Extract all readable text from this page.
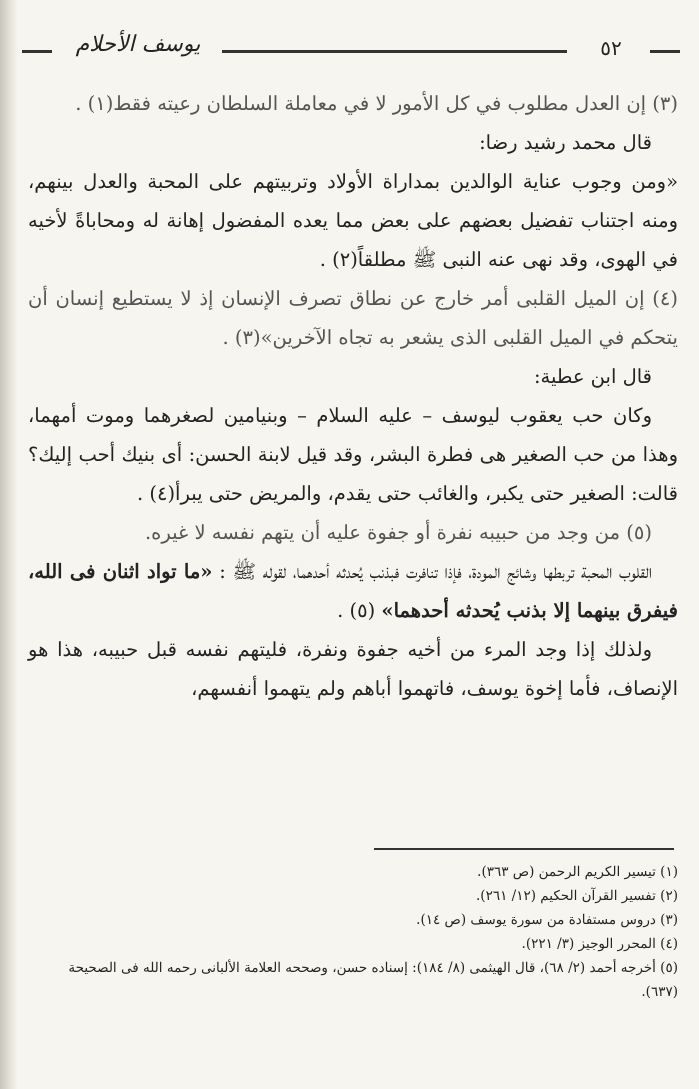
يوسف الأحلام	٥٢

(٣) إن العدل مطلوب في كل الأمور لا في معاملة السلطان رعيته فقط(١) .

قال محمد رشيد رضا:

«ومن وجوب عناية الوالدين بمداراة الأولاد وتربيتهم على المحبة والعدل بينهم، ومنه اجتناب تفضيل بعضهم على بعض مما يعده المفضول إهانة له ومحاباةً لأخيه في الهوى، وقد نهى عنه النبى ﷺ مطلقاً(٢) .

(٤) إن الميل القلبى أمر خارج عن نطاق تصرف الإنسان إذ لا يستطيع إنسان أن يتحكم في الميل القلبى الذى يشعر به تجاه الآخرين»(٣) .

قال ابن عطية:

وكان حب يعقوب ليوسف – عليه السلام – وبنيامين لصغرهما وموت أمهما، وهذا من حب الصغير هى فطرة البشر، وقد قيل لابنة الحسن: أى بنيك أحب إليك؟ قالت: الصغير حتى يكبر، والغائب حتى يقدم، والمريض حتى يبرأ(٤) .

(٥) من وجد من حبيبه نفرة أو جفوة عليه أن يتهم نفسه لا غيره.

القلوب المحبة تربطها وشائج المودة، فإذا تنافرت فبذنب يُحدثه أحدهما، لقوله ﷺ : «ما تواد اثنان فى الله، فيفرق بينهما إلا بذنب يُحدثه أحدهما» (٥) .

ولذلك إذا وجد المرء من أخيه جفوة ونفرة، فليتهم نفسه قبل حبيبه، هذا هو الإنصاف، فأما إخوة يوسف، فاتهموا أباهم ولم يتهموا أنفسهم،

(١) تيسير الكريم الرحمن (ص ٣٦٣).

(٢) تفسير القرآن الحكيم (١٢/ ٢٦١).

(٣) دروس مستفادة من سورة يوسف (ص ١٤).

(٤) المحرر الوجيز (٣/ ٢٢١).

(٥) أخرجه أحمد (٢/ ٦٨)، قال الهيثمى (٨/ ١٨٤): إسناده حسن، وصححه العلامة الألبانى رحمه الله فى الصحيحة (٦٣٧).
